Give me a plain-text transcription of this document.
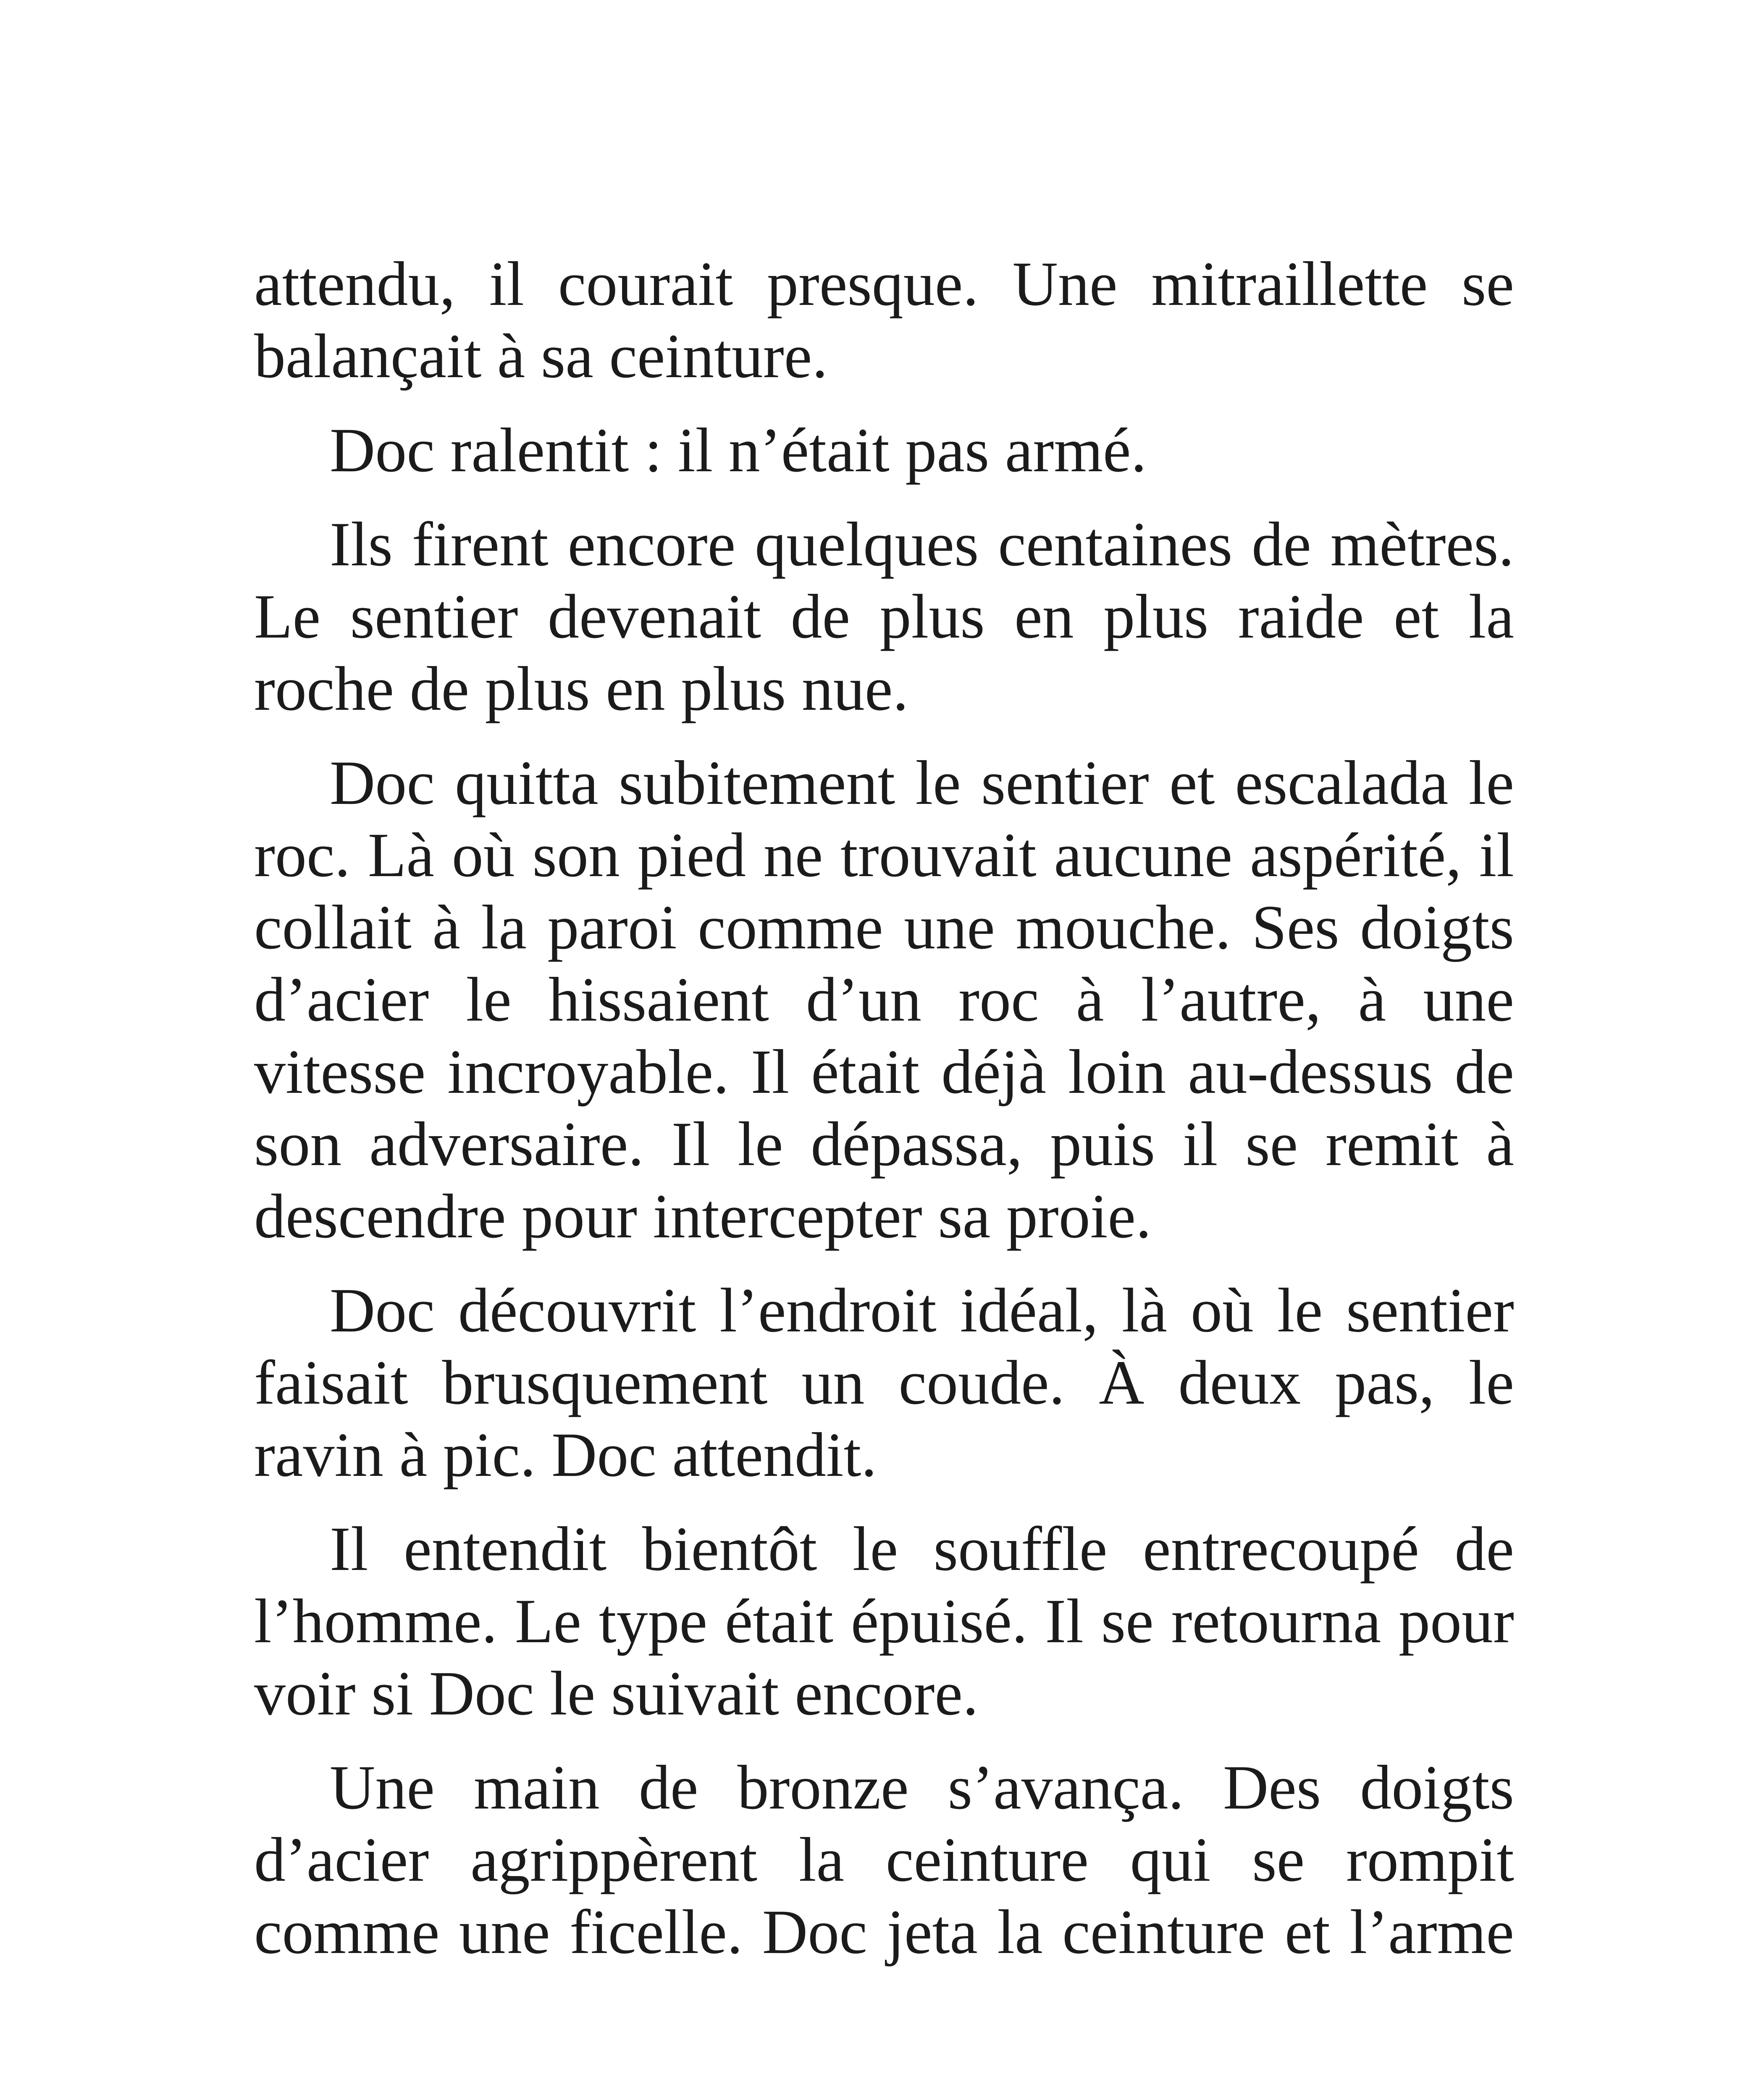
attendu, il courait presque. Une mitraillette se balançait à sa ceinture.

Doc ralentit : il n’était pas armé.

Ils firent encore quelques centaines de mètres. Le sentier devenait de plus en plus raide et la roche de plus en plus nue.

Doc quitta subitement le sentier et escalada le roc. Là où son pied ne trouvait aucune aspérité, il collait à la paroi comme une mouche. Ses doigts d’acier le hissaient d’un roc à l’autre, à une vitesse incroyable. Il était déjà loin au-dessus de son adversaire. Il le dépassa, puis il se remit à descendre pour intercepter sa proie.

Doc découvrit l’endroit idéal, là où le sentier faisait brusquement un coude. À deux pas, le ravin à pic. Doc attendit.

Il entendit bientôt le souffle entrecoupé de l’homme. Le type était épuisé. Il se retourna pour voir si Doc le suivait encore.

Une main de bronze s’avança. Des doigts d’acier agrippèrent la ceinture qui se rompit comme une ficelle. Doc jeta la ceinture et l’arme
